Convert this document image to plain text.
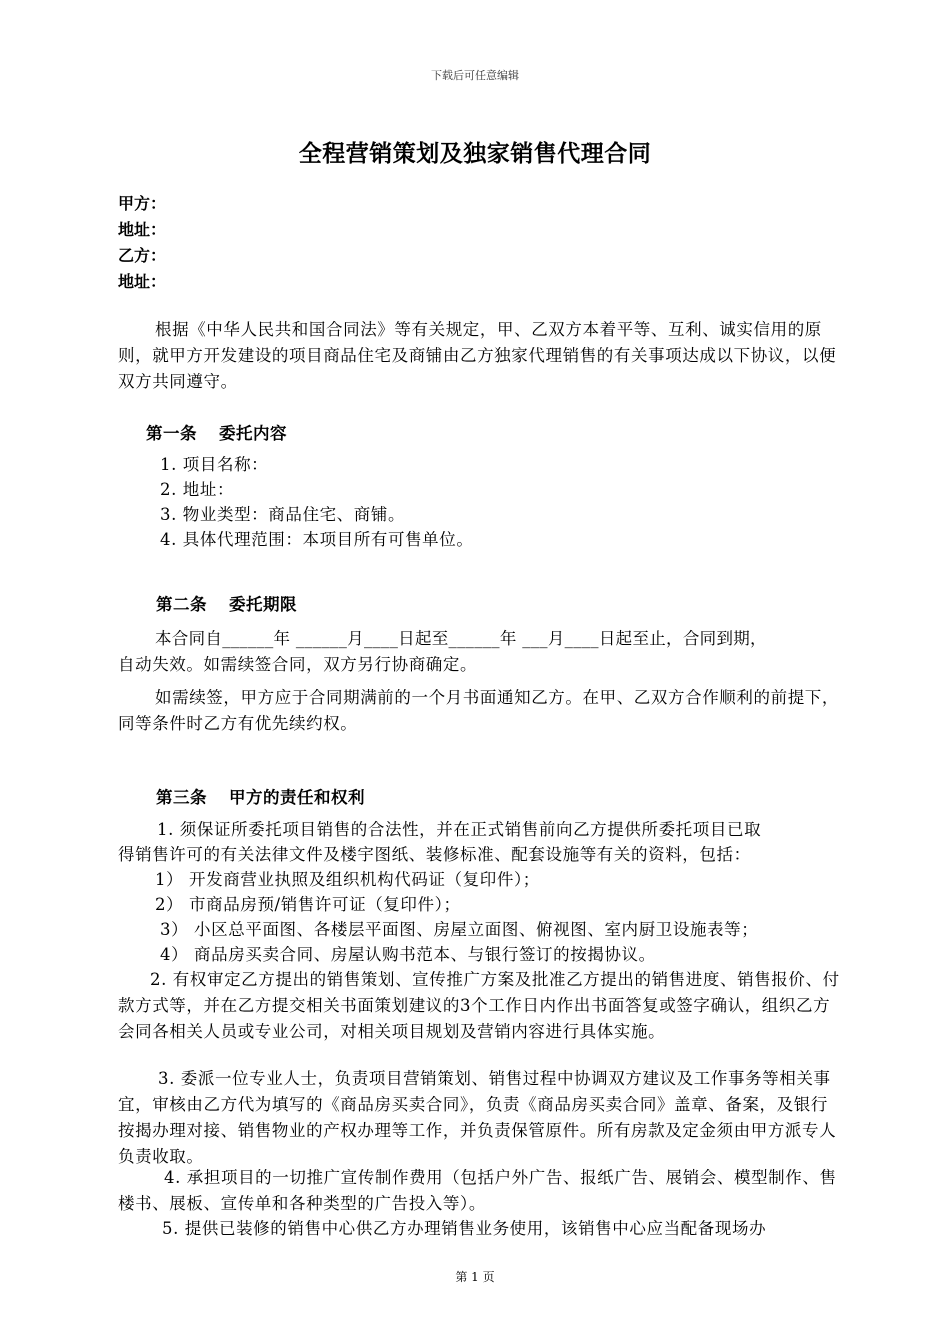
下载后可任意编辑
全程营销策划及独家销售代理合同
甲方：
地址：
乙方：
地址：
根据《中华人民共和国合同法》等有关规定，甲、乙双方本着平等、互利、诚实信用的原则，就甲方开发建设的项目商品住宅及商铺由乙方独家代理销售的有关事项达成以下协议，以便双方共同遵守。
第一条 委托内容
1. 项目名称：
2. 地址：
3. 物业类型：商品住宅、商铺。
4. 具体代理范围：本项目所有可售单位。
第二条 委托期限
本合同自______年 ______月____日起至______年 ___月____日起至止，合同到期，
自动失效。如需续签合同，双方另行协商确定。
如需续签，甲方应于合同期满前的一个月书面通知乙方。在甲、乙双方合作顺利的前提下，同等条件时乙方有优先续约权。
第三条 甲方的责任和权利
1. 须保证所委托项目销售的合法性，并在正式销售前向乙方提供所委托项目已取
得销售许可的有关法律文件及楼宇图纸、装修标准、配套设施等有关的资料，包括：
1） 开发商营业执照及组织机构代码证（复印件）；
2） 市商品房预/销售许可证（复印件）；
3） 小区总平面图、各楼层平面图、房屋立面图、俯视图、室内厨卫设施表等；
4） 商品房买卖合同、房屋认购书范本、与银行签订的按揭协议。
2. 有权审定乙方提出的销售策划、宣传推广方案及批准乙方提出的销售进度、销售报价、付款方式等，并在乙方提交相关书面策划建议的3个工作日内作出书面答复或签字确认，组织乙方会同各相关人员或专业公司，对相关项目规划及营销内容进行具体实施。
3. 委派一位专业人士，负责项目营销策划、销售过程中协调双方建议及工作事务等相关事宜，审核由乙方代为填写的《商品房买卖合同》，负责《商品房买卖合同》盖章、备案，及银行按揭办理对接、销售物业的产权办理等工作，并负责保管原件。所有房款及定金须由甲方派专人负责收取。
4. 承担项目的一切推广宣传制作费用（包括户外广告、报纸广告、展销会、模型制作、售楼书、展板、宣传单和各种类型的广告投入等）。
5. 提供已装修的销售中心供乙方办理销售业务使用，该销售中心应当配备现场办
第 1 页
